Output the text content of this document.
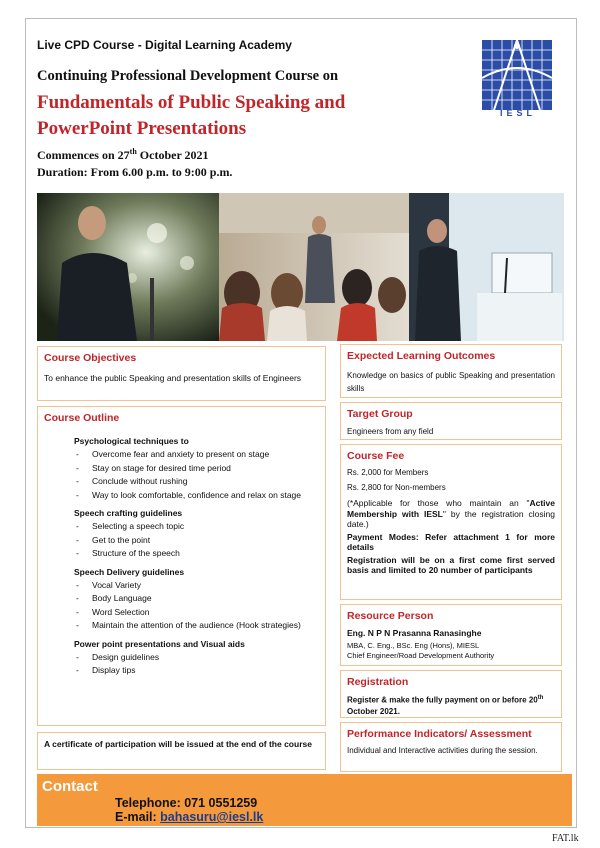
Live CPD Course - Digital Learning Academy
Continuing Professional Development Course on
Fundamentals of Public Speaking and
PowerPoint Presentations
Commences on 27th October 2021
Duration: From 6.00 p.m. to 9:00 p.m.
IESL
Course Objectives
To enhance the public Speaking and presentation skills of Engineers
Course Outline
Psychological techniques to
- Overcome fear and anxiety to present on stage
- Stay on stage for desired time period
- Conclude without rushing
- Way to look comfortable, confidence and relax on stage
Speech crafting guidelines
- Selecting a speech topic
- Get to the point
- Structure of the speech
Speech Delivery guidelines
- Vocal Variety
- Body Language
- Word Selection
- Maintain the attention of the audience (Hook strategies)
Power point presentations and Visual aids
- Design guidelines
- Display tips
A certificate of participation will be issued at the end of the course
Expected Learning Outcomes
Knowledge on basics of public Speaking and presentation skills
Target Group
Engineers from any field
Course Fee
Rs. 2,000 for Members
Rs. 2,800 for Non-members
(*Applicable for those who maintain an "Active Membership with IESL" by the registration closing date.)
Payment Modes: Refer attachment 1 for more details
Registration will be on a first come first served basis and limited to 20 number of participants
Resource Person
Eng. N P N Prasanna Ranasinghe
MBA, C. Eng., BSc. Eng (Hons), MIESL
Chief Engineer/Road Development Authority
Registration
Register & make the fully payment on or before 20th October 2021.
Performance Indicators/ Assessment
Individual and Interactive activities during the session.
Contact
Telephone: 071 0551259
E-mail: bahasuru@iesl.lk
FAT.lk
